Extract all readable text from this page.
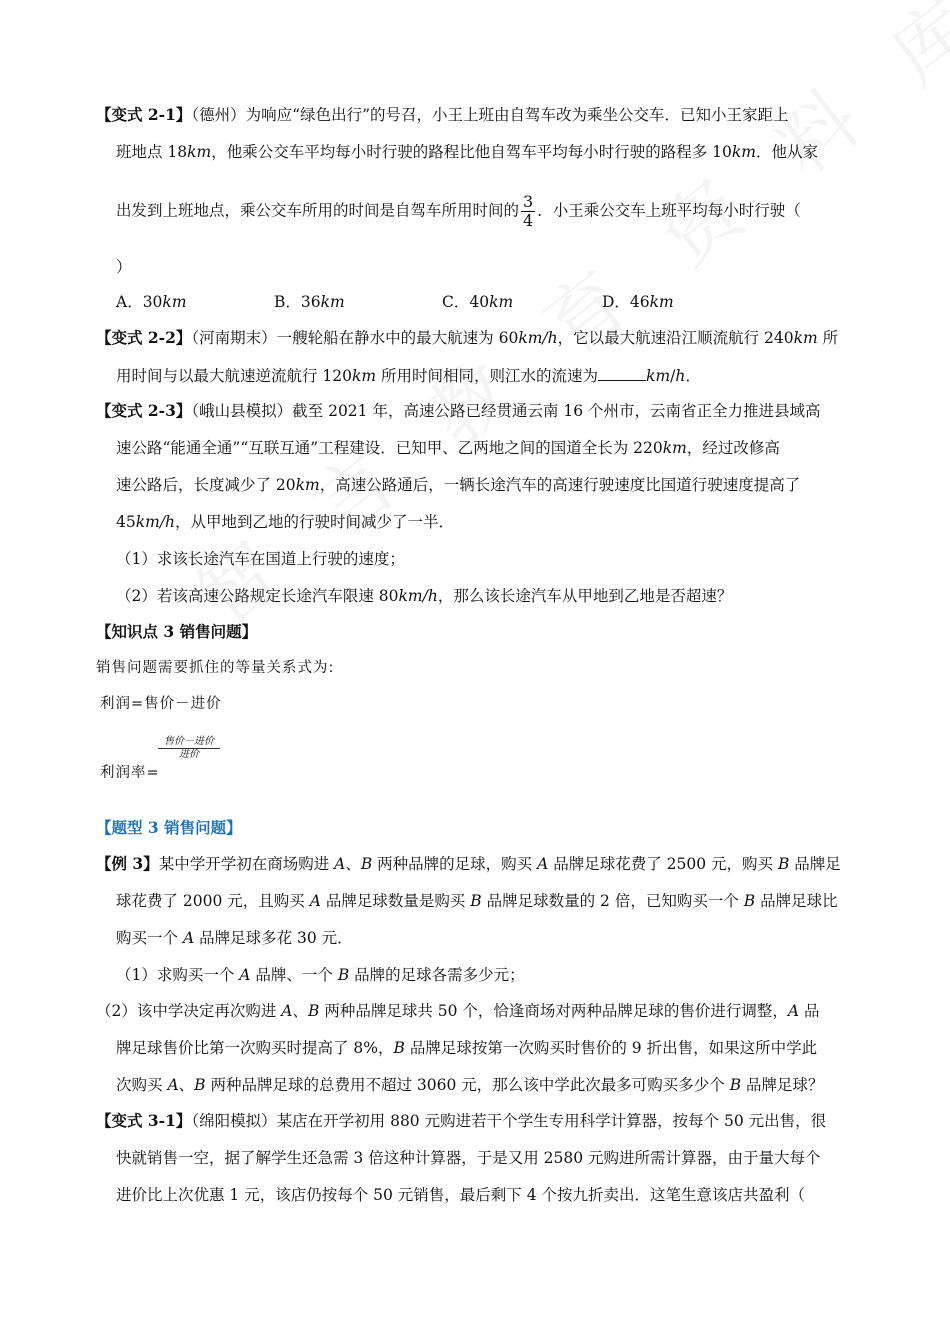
【变式 2-1】（德州）为响应“绿色出行”的号召，小王上班由自驾车改为乘坐公交车．已知小王家距上
班地点 18km，他乘公交车平均每小时行驶的路程比他自驾车平均每小时行驶的路程多 10km．他从家
出发到上班地点，乘公交车所用的时间是自驾车所用时间的 $\frac{3}{4}$ ．小王乘公交车上班平均每小时行驶（
）
A．30km	B．36km	C．40km	D．46km
【变式 2-2】（河南期末）一艘轮船在静水中的最大航速为 60km/h，它以最大航速沿江顺流航行 240km 所
用时间与以最大航速逆流航行 120km 所用时间相同，则江水的流速为	km/h．
【变式 2-3】（峨山县模拟）截至 2021 年，高速公路已经贯通云南 16 个州市，云南省正全力推进县域高
速公路“能通全通”“互联互通”工程建设．已知甲、乙两地之间的国道全长为 220km，经过改修高
速公路后，长度减少了 20km，高速公路通后，一辆长途汽车的高速行驶速度比国道行驶速度提高了
45km/h，从甲地到乙地的行驶时间减少了一半．
（1）求该长途汽车在国道上行驶的速度；
（2）若该高速公路规定长途汽车限速 80km/h，那么该长途汽车从甲地到乙地是否超速？
【知识点 3 销售问题】
销售问题需要抓住的等量关系式为:
利润=售价－进价
售价－进价
进价
利润率=
【题型 3 销售问题】
【例 3】某中学开学初在商场购进 A、B 两种品牌的足球，购买 A 品牌足球花费了 2500 元，购买 B 品牌足
球花费了 2000 元，且购买 A 品牌足球数量是购买 B 品牌足球数量的 2 倍，已知购买一个 B 品牌足球比
购买一个 A 品牌足球多花 30 元．
（1）求购买一个 A 品牌、一个 B 品牌的足球各需多少元；
（2）该中学决定再次购进 A、B 两种品牌足球共 50 个，恰逢商场对两种品牌足球的售价进行调整，A 品
牌足球售价比第一次购买时提高了 8%，B 品牌足球按第一次购买时售价的 9 折出售，如果这所中学此
次购买 A、B 两种品牌足球的总费用不超过 3060 元，那么该中学此次最多可购买多少个 B 品牌足球？
【变式 3-1】（绵阳模拟）某店在开学初用 880 元购进若干个学生专用科学计算器，按每个 50 元出售，很
快就销售一空，据了解学生还急需 3 倍这种计算器，于是又用 2580 元购进所需计算器，由于量大每个
进价比上次优惠 1 元，该店仍按每个 50 元销售，最后剩下 4 个按九折卖出．这笔生意该店共盈利（
